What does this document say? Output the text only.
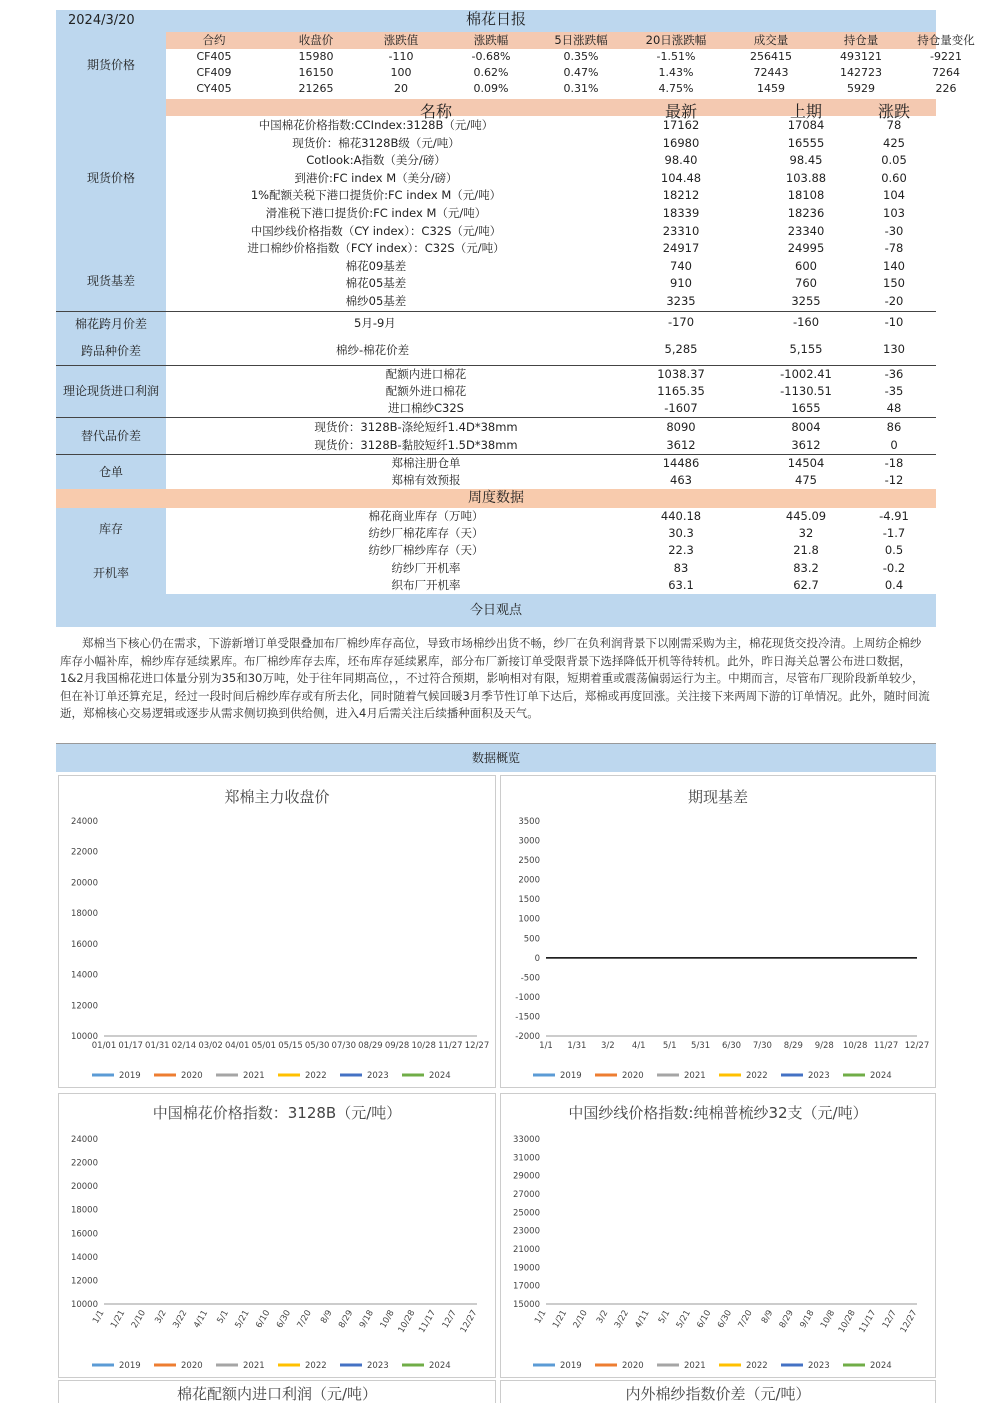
2024/3/20	棉花日报
期货价格
合约	收盘价	涨跌值	涨跌幅	5日涨跌幅	20日涨跌幅	成交量	持仓量	持仓量变化
CF405	15980	-110	-0.68%	0.35%	-1.51%	256415	493121	-9221
CF409	16150	100	0.62%	0.47%	1.43%	72443	142723	7264
CY405	21265	20	0.09%	0.31%	4.75%	1459	5929	226
名称	最新	上期	涨跌
现货价格
现货基差
中国棉花价格指数:CCIndex:3128B（元/吨）	17162	17084	78
现货价：棉花3128B级（元/吨）	16980	16555	425
Cotlook:A指数（美分/磅）	98.40	98.45	0.05
到港价:FC index M（美分/磅）	104.48	103.88	0.60
1%配额关税下港口提货价:FC index M（元/吨）	18212	18108	104
滑准税下港口提货价:FC index M（元/吨）	18339	18236	103
中国纱线价格指数（CY index）：C32S（元/吨）	23310	23340	-30
进口棉纱价格指数（FCY index）：C32S（元/吨）	24917	24995	-78
棉花09基差	740	600	140
棉花05基差	910	760	150
棉纱05基差	3235	3255	-20
棉花跨月价差
跨品种价差
5月-9月	-170	-160	-10
棉纱-棉花价差	5,285	5,155	130
理论现货进口利润
配额内进口棉花	1038.37	-1002.41	-36
配额外进口棉花	1165.35	-1130.51	-35
进口棉纱C32S	-1607	1655	48
替代品价差
现货价：3128B-涤纶短纤1.4D*38mm	8090	8004	86
现货价：3128B-黏胶短纤1.5D*38mm	3612	3612	0
仓单
郑棉注册仓单	14486	14504	-18
郑棉有效预报	463	475	-12
周度数据
库存
开机率
棉花商业库存（万吨）	440.18	445.09	-4.91
纺纱厂棉花库存（天）	30.3	32	-1.7
纺纱厂棉纱库存（天）	22.3	21.8	0.5
纺纱厂开机率	83	83.2	-0.2
织布厂开机率	63.1	62.7	0.4
今日观点
郑棉当下核心仍在需求，下游新增订单受限叠加布厂棉纱库存高位，导致市场棉纱出货不畅，纱厂在负利润背景下以刚需采购为主，棉花现货交投冷清。上周纺企棉纱库存小幅补库，棉纱库存延续累库。布厂棉纱库存去库，坯布库存延续累库，部分布厂新接订单受限背景下选择降低开机等待转机。此外，昨日海关总署公布进口数据，1&2月我国棉花进口体量分别为35和30万吨，处于往年同期高位，，不过符合预期，影响相对有限，短期着重或震荡偏弱运行为主。中期而言，尽管布厂现阶段新单较少，但在补订单还算充足，经过一段时间后棉纱库存或有所去化，同时随着气候回暖3月季节性订单下达后，郑棉或再度回涨。关注接下来两周下游的订单情况。此外，随时间流逝，郑棉核心交易逻辑或逐步从需求侧切换到供给侧，进入4月后需关注后续播种面积及天气。
数据概览
郑棉主力收盘价
24000
22000
20000
18000
16000
14000
12000
10000
01/01 01/17 01/31 02/14 03/02 04/01 05/01 05/15 05/30 07/30 08/29 09/28 10/28 11/27 12/27
2019	2020	2021	2022	2023	2024
期现基差
3500
3000
2500
2000
1500
1000
500
0
-500
-1000
-1500
-2000
1/1 1/31 3/2 4/1 5/1 5/31 6/30 7/30 8/29 9/28 10/28 11/27 12/27
2019	2020	2021	2022	2023	2024
中国棉花价格指数：3128B（元/吨）
24000
22000
20000
18000
16000
14000
12000
10000
1/1 1/21 2/10 3/2 3/22 4/11 5/1 5/21 6/10 6/30 7/20 8/9 8/29 9/18 10/8 10/28 11/17 12/7 12/27
2019	2020	2021	2022	2023	2024
中国纱线价格指数:纯棉普梳纱32支（元/吨）
33000
31000
29000
27000
25000
23000
21000
19000
17000
15000
1/1 1/21 2/10 3/2 3/22 4/11 5/1 5/21 6/10 6/30 7/20 8/9 8/29 9/18 10/8 10/28 11/17 12/7 12/27
2019	2020	2021	2022	2023	2024
棉花配额内进口利润（元/吨）	内外棉纱指数价差（元/吨）
